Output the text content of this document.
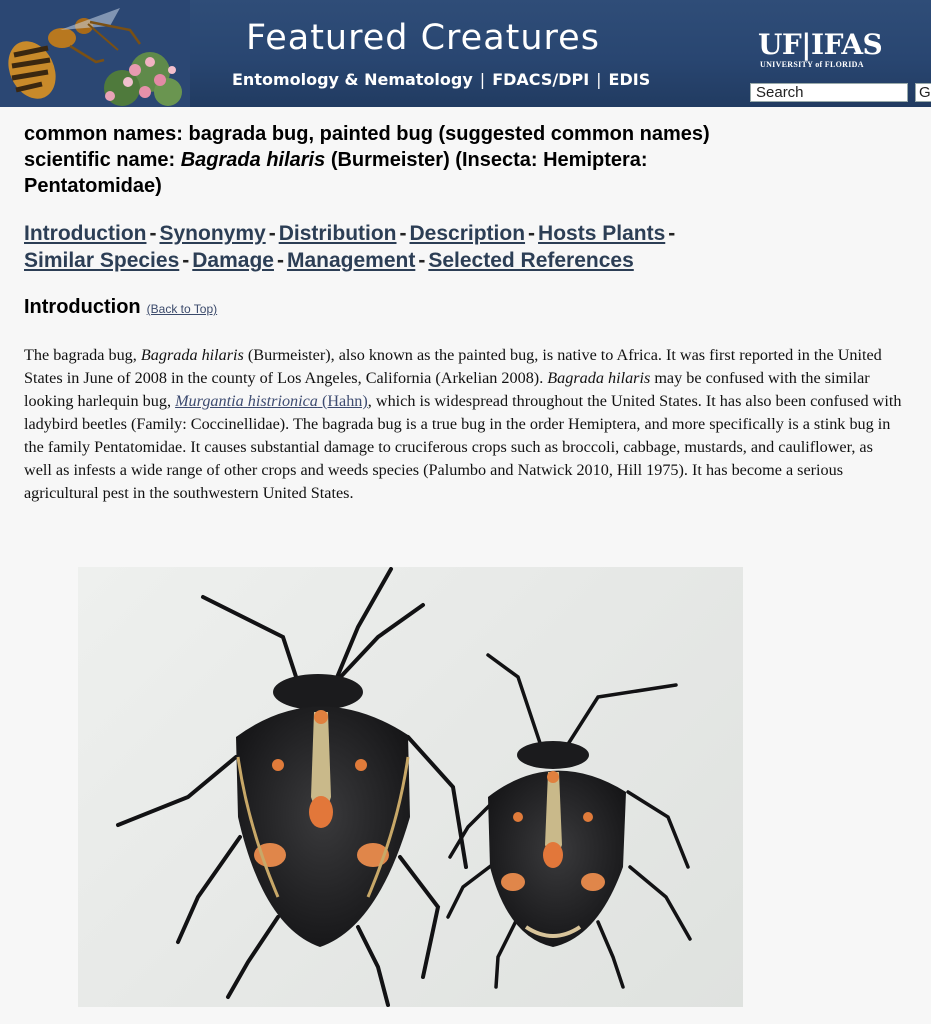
Featured Creatures
Entomology & Nematology | FDACS/DPI | EDIS
UF|IFAS
UNIVERSITY of FLORIDA
Search
G
common names: bagrada bug, painted bug (suggested common names)
scientific name: Bagrada hilaris (Burmeister) (Insecta: Hemiptera:
Pentatomidae)
Introduction - Synonymy - Distribution - Description - Hosts Plants -
Similar Species - Damage - Management - Selected References
Introduction (Back to Top)
The bagrada bug, Bagrada hilaris (Burmeister), also known as the painted bug, is native to Africa. It was first reported in the United States in June of 2008 in the county of Los Angeles, California (Arkelian 2008). Bagrada hilaris may be confused with the similar looking harlequin bug, Murgantia histrionica (Hahn), which is widespread throughout the United States. It has also been confused with ladybird beetles (Family: Coccinellidae). The bagrada bug is a true bug in the order Hemiptera, and more specifically is a stink bug in the family Pentatomidae. It causes substantial damage to cruciferous crops such as broccoli, cabbage, mustards, and cauliflower, as well as infests a wide range of other crops and weeds species (Palumbo and Natwick 2010, Hill 1975). It has become a serious agricultural pest in the southwestern United States.
